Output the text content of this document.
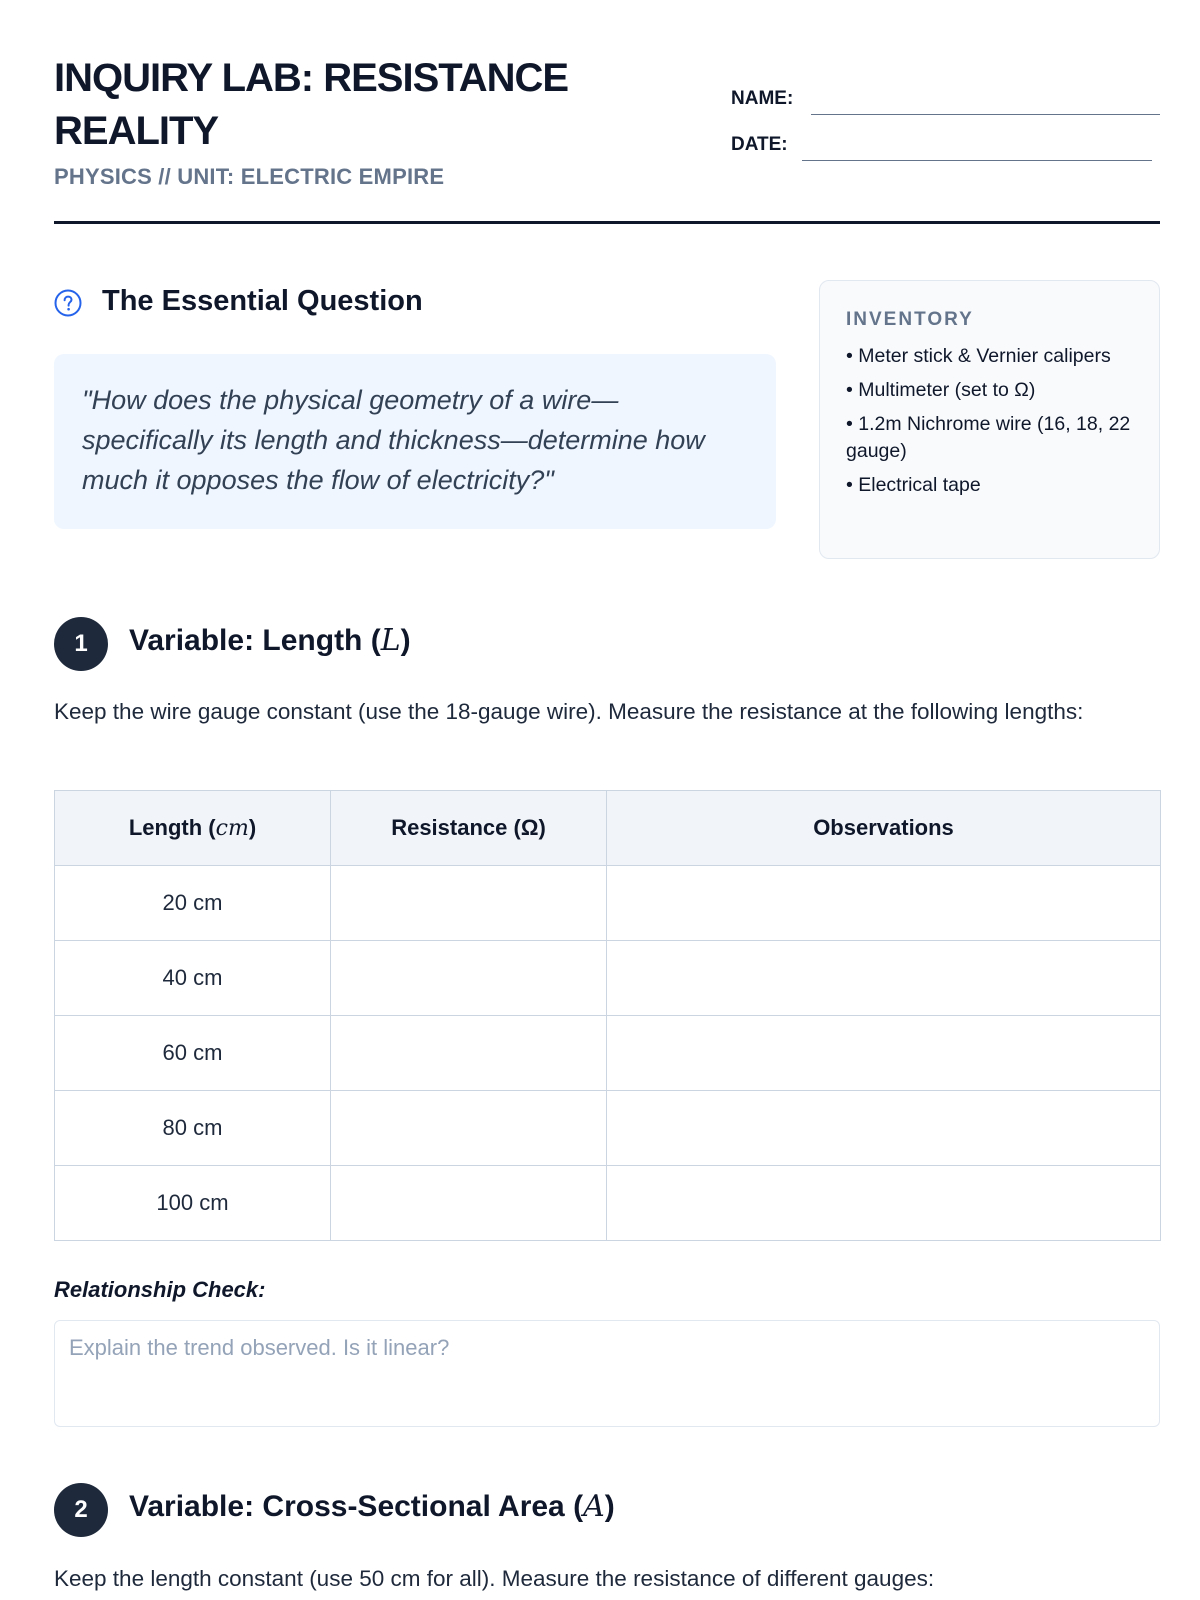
INQUIRY LAB: RESISTANCE REALITY
PHYSICS // UNIT: ELECTRIC EMPIRE
NAME:
DATE:
The Essential Question
"How does the physical geometry of a wire—specifically its length and thickness—determine how much it opposes the flow of electricity?"
INVENTORY
• Meter stick & Vernier calipers
• Multimeter (set to Ω)
• 1.2m Nichrome wire (16, 18, 22 gauge)
• Electrical tape
1	Variable: Length (L)
Keep the wire gauge constant (use the 18-gauge wire). Measure the resistance at the following lengths:
Length (cm)	Resistance (Ω)	Observations
20 cm		
40 cm		
60 cm		
80 cm		
100 cm		
Relationship Check:
Explain the trend observed. Is it linear?
2	Variable: Cross-Sectional Area (A)
Keep the length constant (use 50 cm for all). Measure the resistance of different gauges:
